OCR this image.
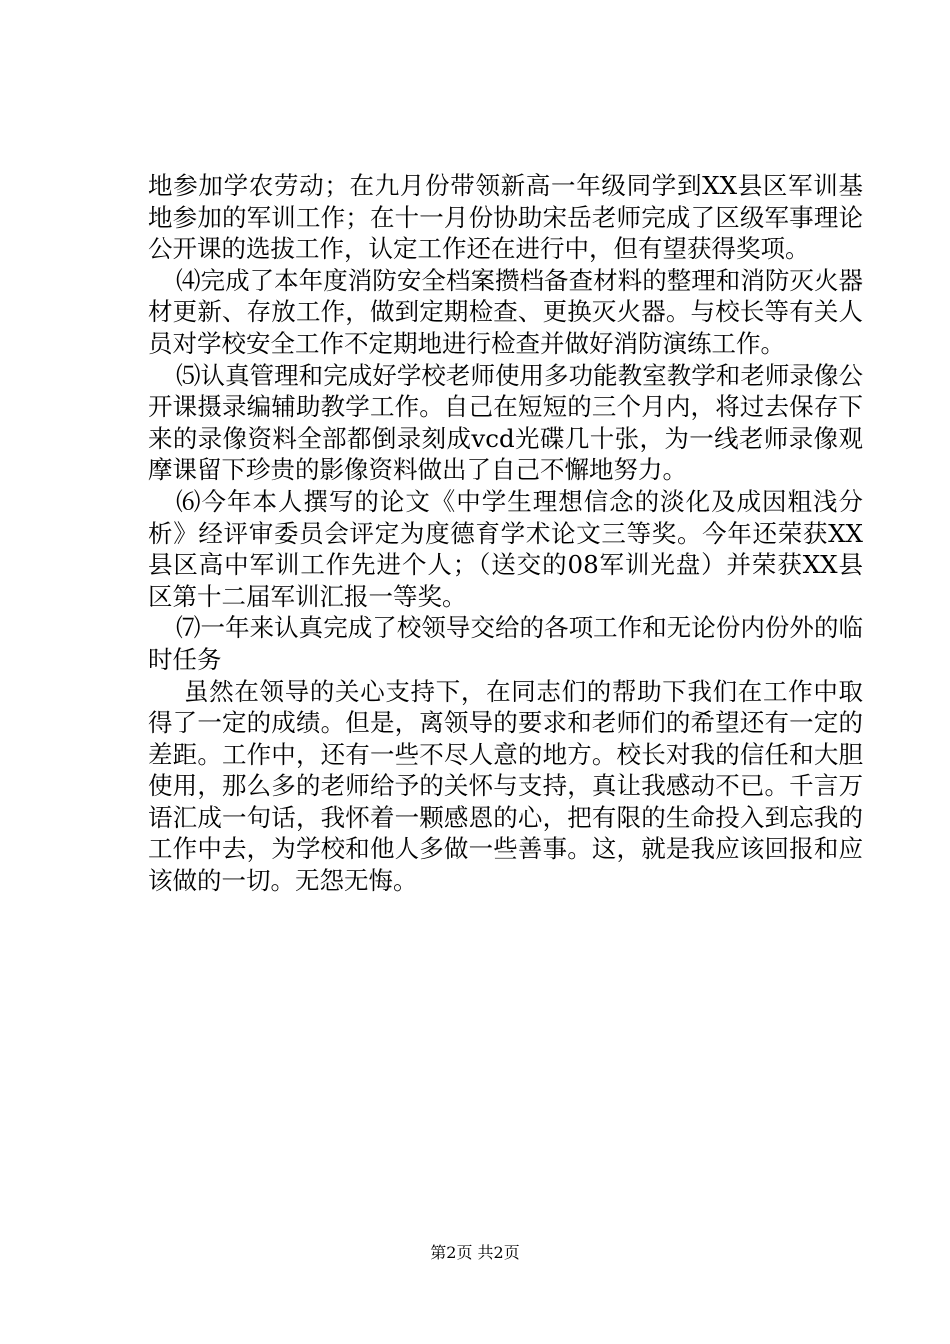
地参加学农劳动；在九月份带领新高一年级同学到XX县区军训基地参加的军训工作；在十一月份协助宋岳老师完成了区级军事理论公开课的选拔工作，认定工作还在进行中，但有望获得奖项。

⑷完成了本年度消防安全档案攒档备查材料的整理和消防灭火器材更新、存放工作，做到定期检查、更换灭火器。与校长等有关人员对学校安全工作不定期地进行检查并做好消防演练工作。

⑸认真管理和完成好学校老师使用多功能教室教学和老师录像公开课摄录编辅助教学工作。自己在短短的三个月内，将过去保存下来的录像资料全部都倒录刻成vcd光碟几十张，为一线老师录像观摩课留下珍贵的影像资料做出了自己不懈地努力。

⑹今年本人撰写的论文《中学生理想信念的淡化及成因粗浅分析》经评审委员会评定为度德育学术论文三等奖。今年还荣获XX县区高中军训工作先进个人；（送交的08军训光盘）并荣获XX县区第十二届军训汇报一等奖。

⑺一年来认真完成了校领导交给的各项工作和无论份内份外的临时任务

虽然在领导的关心支持下，在同志们的帮助下我们在工作中取得了一定的成绩。但是，离领导的要求和老师们的希望还有一定的差距。工作中，还有一些不尽人意的地方。校长对我的信任和大胆使用，那么多的老师给予的关怀与支持，真让我感动不已。千言万语汇成一句话，我怀着一颗感恩的心，把有限的生命投入到忘我的工作中去，为学校和他人多做一些善事。这，就是我应该回报和应该做的一切。无怨无悔。

第2页 共2页
